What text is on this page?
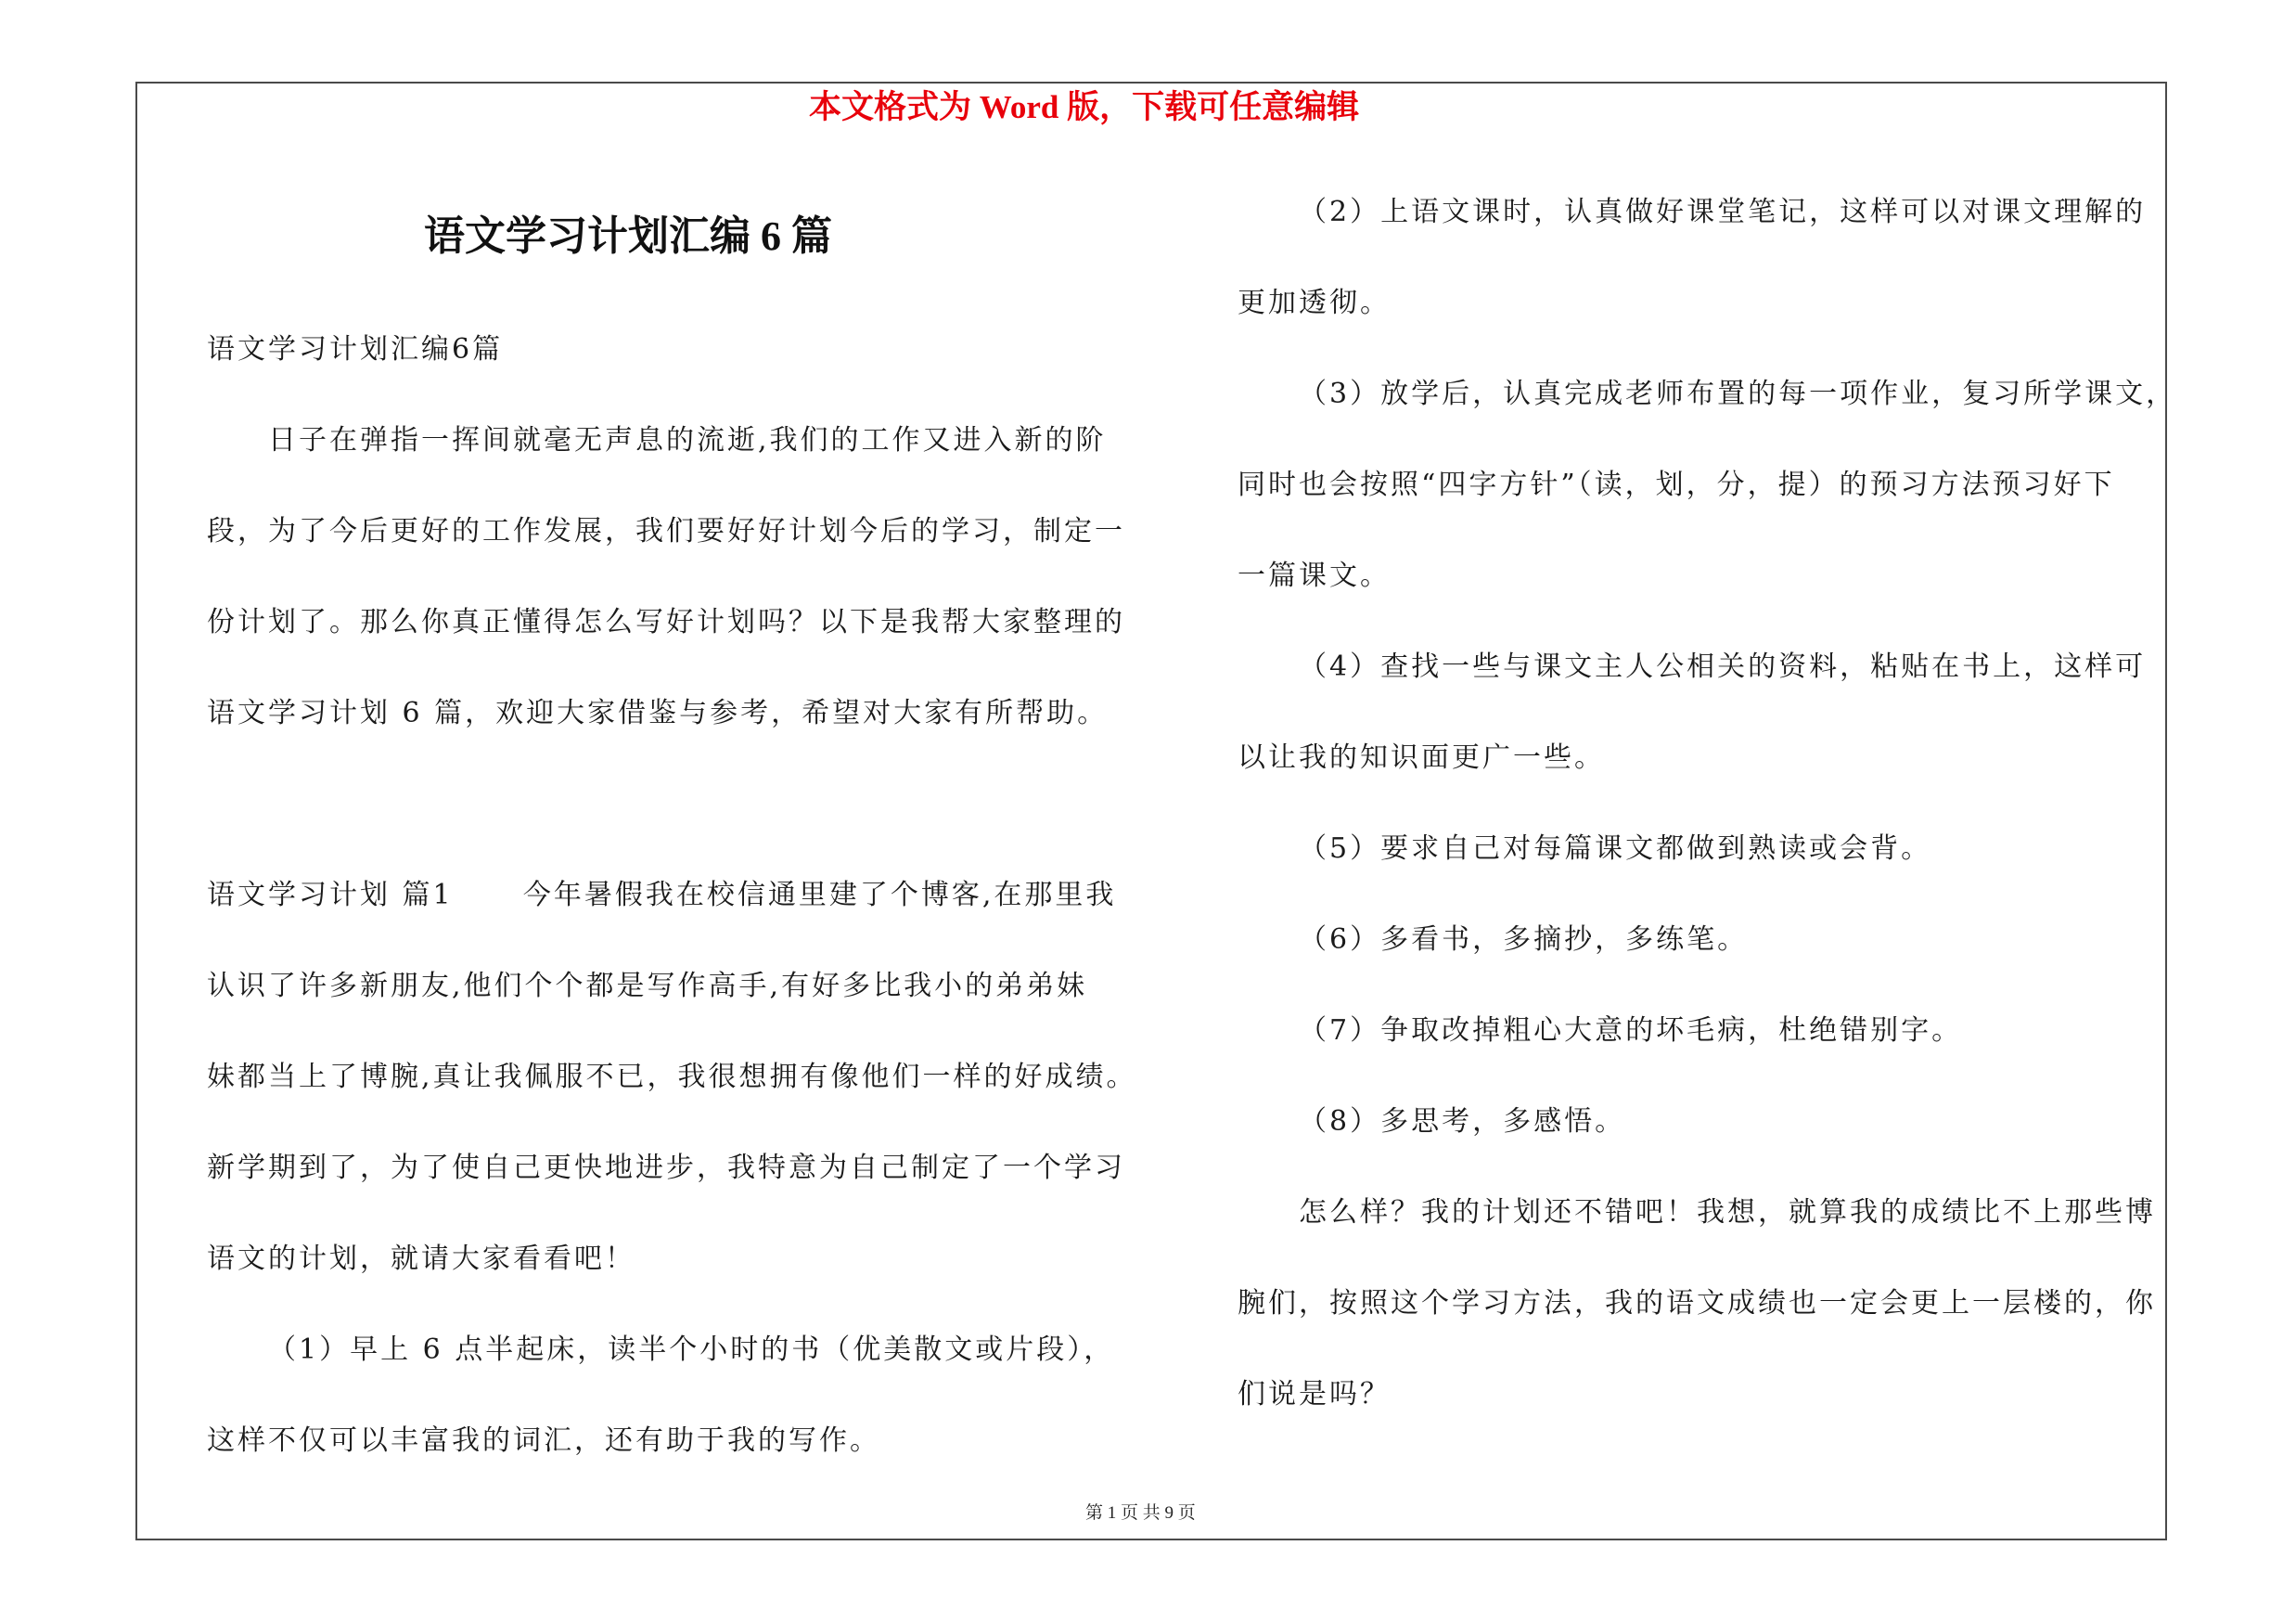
本文格式为 Word 版，下载可任意编辑
语文学习计划汇编 6 篇
语文学习计划汇编6篇
日子在弹指一挥间就毫无声息的流逝,我们的工作又进入新的阶
段，为了今后更好的工作发展，我们要好好计划今后的学习，制定一
份计划了。那么你真正懂得怎么写好计划吗？以下是我帮大家整理的
语文学习计划 6 篇，欢迎大家借鉴与参考，希望对大家有所帮助。
语文学习计划 篇1      今年暑假我在校信通里建了个博客,在那里我
认识了许多新朋友,他们个个都是写作高手,有好多比我小的弟弟妹
妹都当上了博腕,真让我佩服不已，我很想拥有像他们一样的好成绩。
新学期到了，为了使自己更快地进步，我特意为自己制定了一个学习
语文的计划，就请大家看看吧！
（1）早上 6 点半起床，读半个小时的书（优美散文或片段），
这样不仅可以丰富我的词汇，还有助于我的写作。
（2）上语文课时，认真做好课堂笔记，这样可以对课文理解的
更加透彻。
（3）放学后，认真完成老师布置的每一项作业，复习所学课文，
同时也会按照“四字方针”（读，划，分，提）的预习方法预习好下
一篇课文。
（4）查找一些与课文主人公相关的资料，粘贴在书上，这样可
以让我的知识面更广一些。
（5）要求自己对每篇课文都做到熟读或会背。
（6）多看书，多摘抄，多练笔。
（7）争取改掉粗心大意的坏毛病，杜绝错别字。
（8）多思考，多感悟。
怎么样？我的计划还不错吧！我想，就算我的成绩比不上那些博
腕们，按照这个学习方法，我的语文成绩也一定会更上一层楼的，你
们说是吗？
第 1 页 共 9 页
